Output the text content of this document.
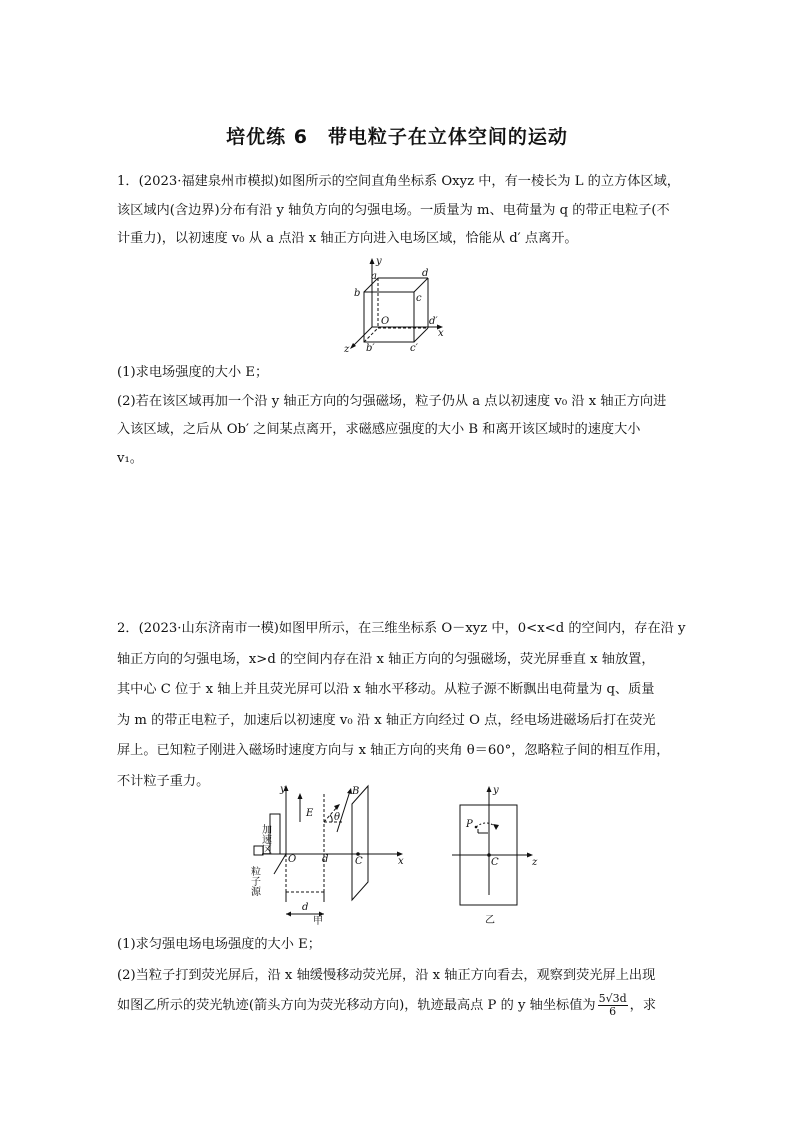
培优练 6　带电粒子在立体空间的运动
1．(2023·福建泉州市模拟)如图所示的空间直角坐标系 Oxyz 中，有一棱长为 L 的立方体区域，
该区域内(含边界)分布有沿 y 轴负方向的匀强电场。一质量为 m、电荷量为 q 的带正电粒子(不
计重力)，以初速度 v₀ 从 a 点沿 x 轴正方向进入电场区域，恰能从 d′ 点离开。
y
a	d
b	c
O	d′
x
z b′	c′
(1)求电场强度的大小 E；
(2)若在该区域再加一个沿 y 轴正方向的匀强磁场，粒子仍从 a 点以初速度 v₀ 沿 x 轴正方向进
入该区域，之后从 Ob′ 之间某点离开，求磁感应强度的大小 B 和离开该区域时的速度大小
v₁。
2．(2023·山东济南市一模)如图甲所示，在三维坐标系 O－xyz 中，0<x<d 的空间内，存在沿 y
轴正方向的匀强电场，x>d 的空间内存在沿 x 轴正方向的匀强磁场，荧光屏垂直 x 轴放置，
其中心 C 位于 x 轴上并且荧光屏可以沿 x 轴水平移动。从粒子源不断飘出电荷量为 q、质量
为 m 的带正电粒子，加速后以初速度 v₀ 沿 x 轴正方向经过 O 点，经电场进磁场后打在荧光
屏上。已知粒子刚进入磁场时速度方向与 x 轴正方向的夹角 θ＝60°，忽略粒子间的相互作用，
不计粒子重力。
y
E
B
θ
O	d	C	x
d
甲
加速区
粒子源
y
P
C	z
乙
(1)求匀强电场电场强度的大小 E；
(2)当粒子打到荧光屏后，沿 x 轴缓慢移动荧光屏，沿 x 轴正方向看去，观察到荧光屏上出现
如图乙所示的荧光轨迹(箭头方向为荧光移动方向)，轨迹最高点 P 的 y 轴坐标值为 $\frac{5√3d}{6}$ ，求
